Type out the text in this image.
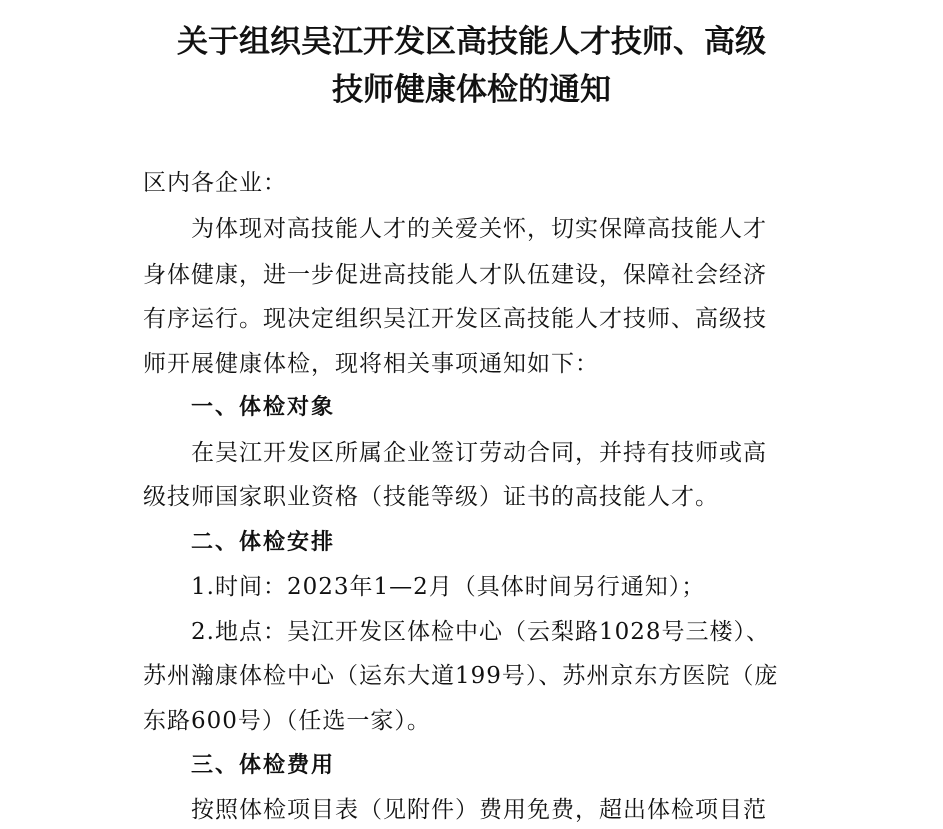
关于组织吴江开发区高技能人才技师、高级
技师健康体检的通知
区内各企业：
为体现对高技能人才的关爱关怀，切实保障高技能人才
身体健康，进一步促进高技能人才队伍建设，保障社会经济
有序运行。现决定组织吴江开发区高技能人才技师、高级技
师开展健康体检，现将相关事项通知如下：
一、体检对象
在吴江开发区所属企业签订劳动合同，并持有技师或高
级技师国家职业资格（技能等级）证书的高技能人才。
二、体检安排
1.时间：2023年1—2月（具体时间另行通知）；
2.地点：吴江开发区体检中心（云梨路1028号三楼）、
苏州瀚康体检中心（运东大道199号）、苏州京东方医院（庞
东路600号）（任选一家）。
三、体检费用
按照体检项目表（见附件）费用免费，超出体检项目范
